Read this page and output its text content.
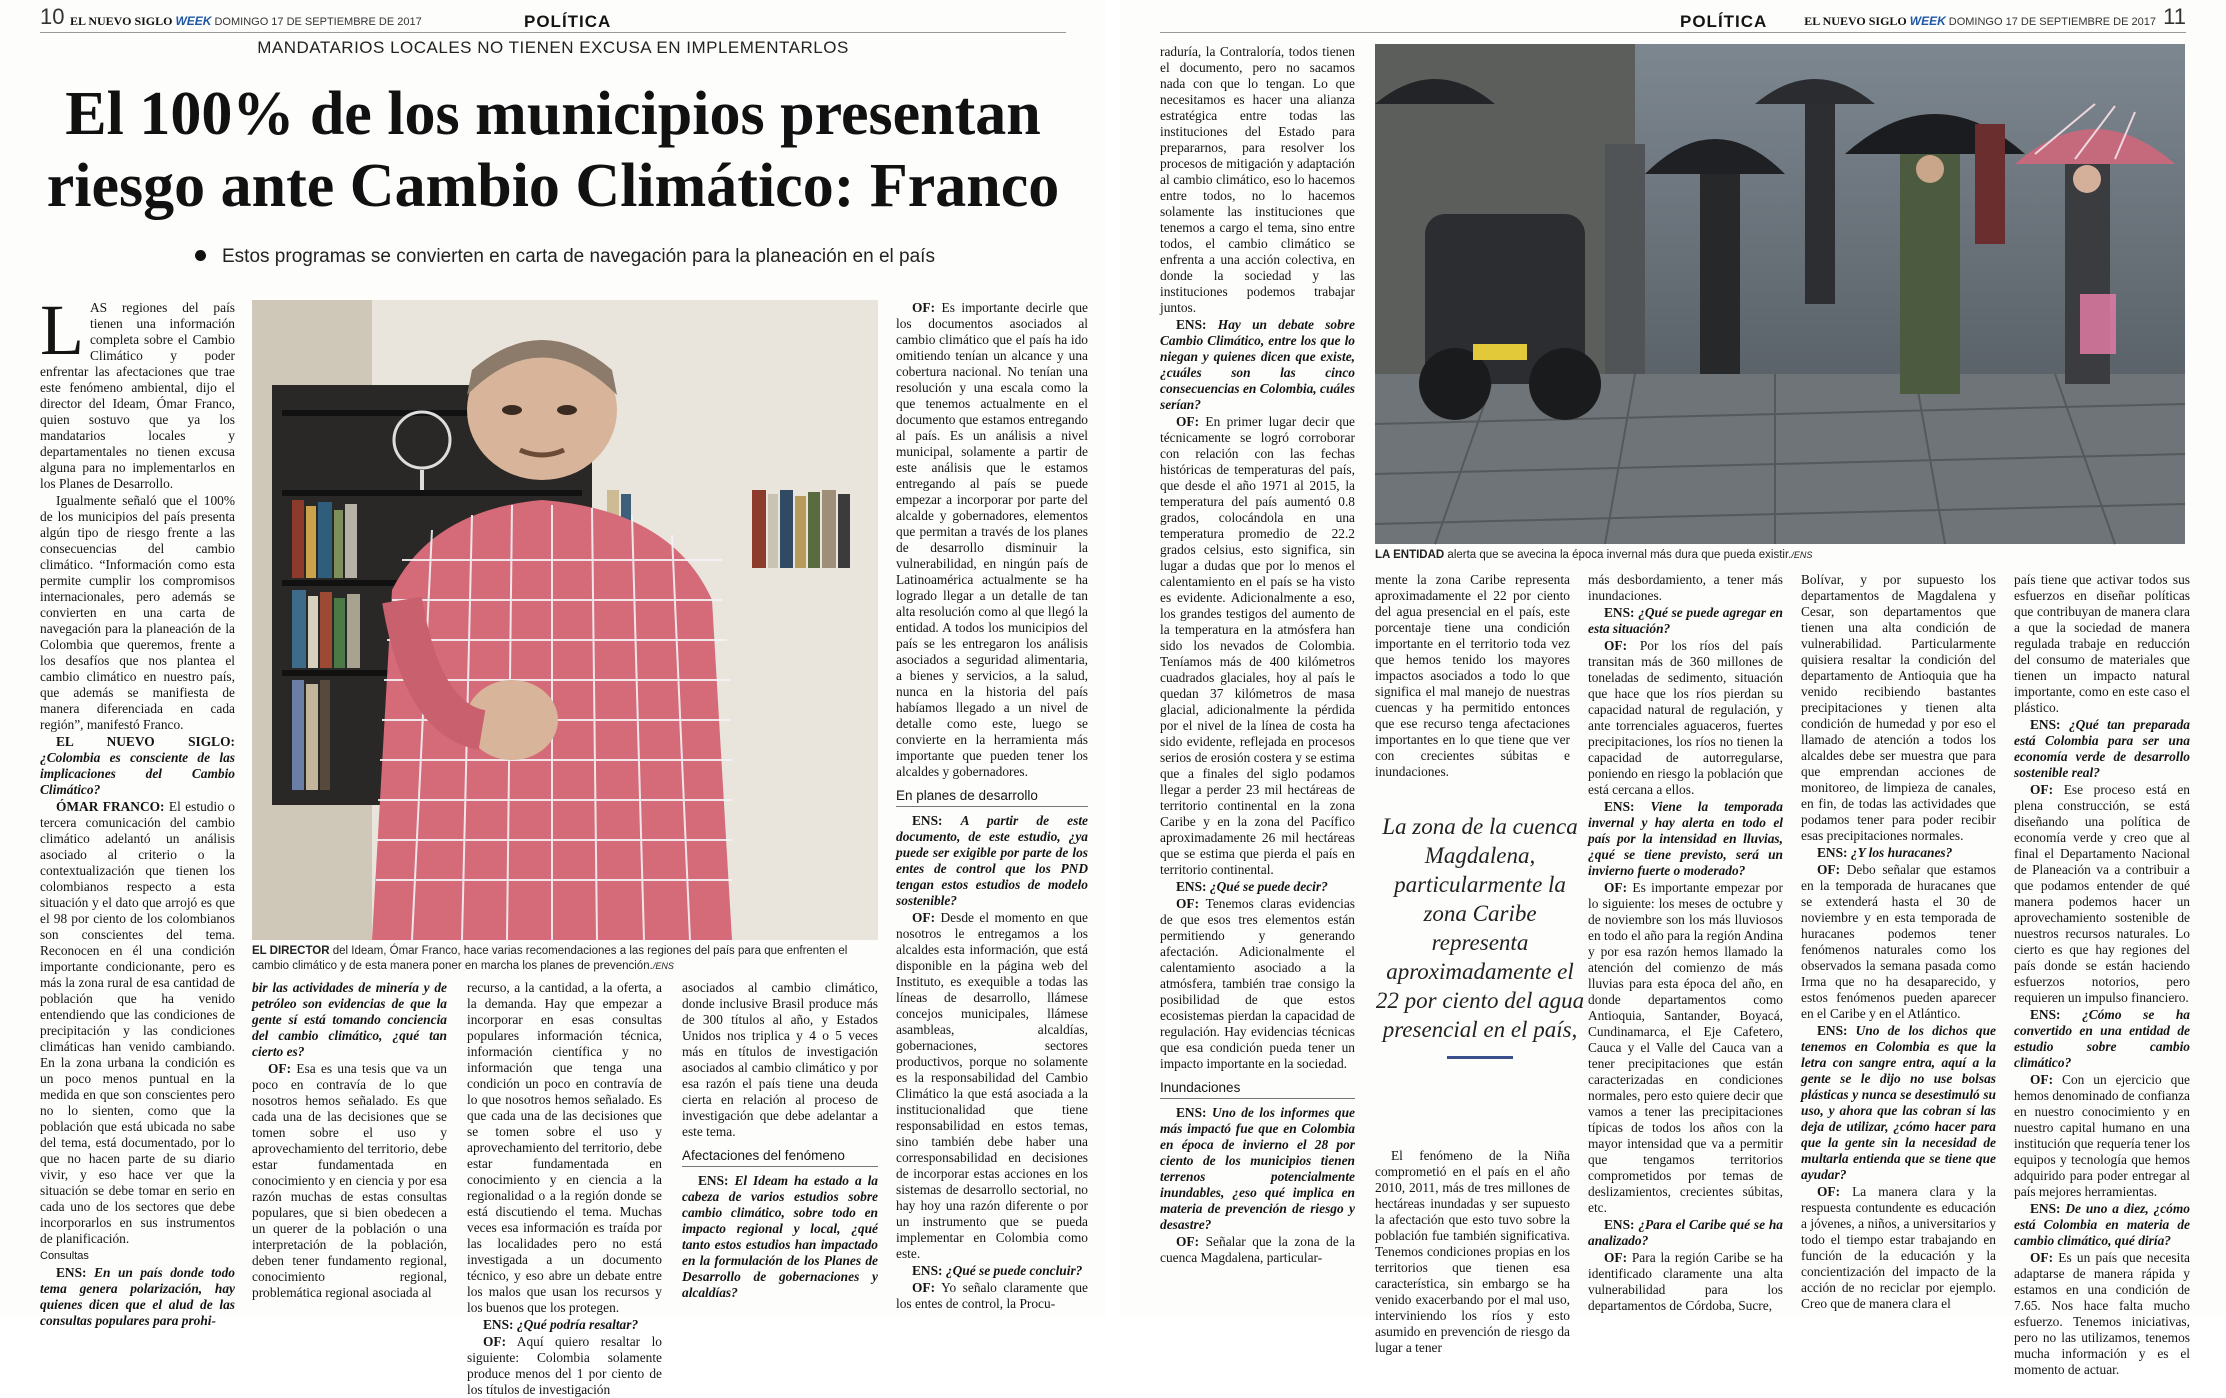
10 EL NUEVO SIGLO WEEK DOMINGO 17 DE SEPTIEMBRE DE 2017	POLÍTICA
MANDATARIOS LOCALES NO TIENEN EXCUSA EN IMPLEMENTARLOS
El 100% de los municipios presentan
riesgo ante Cambio Climático: Franco
Estos programas se convierten en carta de navegación para la planeación en el país

LAS regiones del país tienen una información completa sobre el Cambio Climático y poder enfrentar las afectaciones que trae este fenómeno ambiental, dijo el director del Ideam, Ómar Franco, quien sostuvo que ya los mandatarios locales y departamentales no tienen excusa alguna para no implementarlos en los Planes de Desarrollo.

Igualmente señaló que el 100% de los municipios del país presenta algún tipo de riesgo frente a las consecuencias del cambio climático. “Información como esta permite cumplir los compromisos internacionales, pero además se convierten en una carta de navegación para la planeación de la Colombia que queremos, frente a los desafíos que nos plantea el cambio climático en nuestro país, que además se manifiesta de manera diferenciada en cada región”, manifestó Franco.

EL NUEVO SIGLO: ¿Colombia es consciente de las implicaciones del Cambio Climático?

ÓMAR FRANCO: El estudio o tercera comunicación del cambio climático adelantó un análisis asociado al criterio o la contextualización que tienen los colombianos respecto a esta situación y el dato que arrojó es que el 98 por ciento de los colombianos son conscientes del tema. Reconocen en él una condición importante condicionante, pero es más la zona rural de esa cantidad de población que ha venido entendiendo que las condiciones de precipitación y las condiciones climáticas han venido cambiando. En la zona urbana la condición es un poco menos puntual en la medida en que son conscientes pero no lo sienten, como que la población que está ubicada no sabe del tema, está documentado, por lo que no hacen parte de su diario vivir, y eso hace ver que la situación se debe tomar en serio en cada uno de los sectores que debe incorporarlos en sus instrumentos de planificación.

Consultas

ENS: En un país donde todo tema genera polarización, hay quienes dicen que el alud de las consultas populares para prohi-

EL DIRECTOR del Ideam, Ómar Franco, hace varias recomendaciones a las regiones del país para que enfrenten el cambio climático y de esta manera poner en marcha los planes de prevención./ENS

bir las actividades de minería y de petróleo son evidencias de que la gente sí está tomando conciencia del cambio climático, ¿qué tan cierto es?

OF: Esa es una tesis que va un poco en contravía de lo que nosotros hemos señalado. Es que cada una de las decisiones que se tomen sobre el uso y aprovechamiento del territorio, debe estar fundamentada en conocimiento y en ciencia y por esa razón muchas de estas consultas populares, que si bien obedecen a un querer de la población o una interpretación de la población, deben tener fundamento regional, conocimiento regional, problemática regional asociada al

recurso, a la cantidad, a la oferta, a la demanda. Hay que empezar a incorporar en esas consultas populares información técnica, información científica y no información que tenga una condición un poco en contravía de lo que nosotros hemos señalado. Es que cada una de las decisiones que se tomen sobre el uso y aprovechamiento del territorio, debe estar fundamentada en conocimiento y en ciencia a la regionalidad o a la región donde se está discutiendo el tema. Muchas veces esa información es traída por las localidades pero no está investigada a un documento técnico, y eso abre un debate entre los malos que usan los recursos y los buenos que los protegen.

ENS: ¿Qué podría resaltar?

OF: Aquí quiero resaltar lo siguiente: Colombia solamente produce menos del 1 por ciento de los títulos de investigación

asociados al cambio climático, donde inclusive Brasil produce más de 300 títulos al año, y Estados Unidos nos triplica y 4 o 5 veces más en títulos de investigación asociados al cambio climático y por esa razón el país tiene una deuda cierta en relación al proceso de investigación que debe adelantar a este tema.

Afectaciones del fenómeno

ENS: El Ideam ha estado a la cabeza de varios estudios sobre cambio climático, sobre todo en impacto regional y local, ¿qué tanto estos estudios han impactado en la formulación de los Planes de Desarrollo de gobernaciones y alcaldías?

OF: Es importante decirle que los documentos asociados al cambio climático que el país ha ido omitiendo tenían un alcance y una cobertura nacional. No tenían una resolución y una escala como la que tenemos actualmente en el documento que estamos entregando al país. Es un análisis a nivel municipal, solamente a partir de este análisis que le estamos entregando al país se puede empezar a incorporar por parte del alcalde y gobernadores, elementos que permitan a través de los planes de desarrollo disminuir la vulnerabilidad, en ningún país de Latinoamérica actualmente se ha logrado llegar a un detalle de tan alta resolución como al que llegó la entidad. A todos los municipios del país se les entregaron los análisis asociados a seguridad alimentaria, a bienes y servicios, a la salud, nunca en la historia del país habíamos llegado a un nivel de detalle como este, luego se convierte en la herramienta más importante que pueden tener los alcaldes y gobernadores.

En planes de desarrollo

ENS: A partir de este documento, de este estudio, ¿ya puede ser exigible por parte de los entes de control que los PND tengan estos estudios de modelo sostenible?

OF: Desde el momento en que nosotros le entregamos a los alcaldes esta información, que está disponible en la página web del Instituto, es exequible a todas las líneas de desarrollo, llámese concejos municipales, llámese asambleas, alcaldías, gobernaciones, sectores productivos, porque no solamente es la responsabilidad del Cambio Climático la que está asociada a la institucionalidad que tiene responsabilidad en estos temas, sino también debe haber una corresponsabilidad en decisiones de incorporar estas acciones en los sistemas de desarrollo sectorial, no hay hoy una razón diferente o por un instrumento que se pueda implementar en Colombia como este.

ENS: ¿Qué se puede concluir?

OF: Yo señalo claramente que los entes de control, la Procu-

POLÍTICA	EL NUEVO SIGLO WEEK DOMINGO 17 DE SEPTIEMBRE DE 2017 11

raduría, la Contraloría, todos tienen el documento, pero no sacamos nada con que lo tengan. Lo que necesitamos es hacer una alianza estratégica entre todas las instituciones del Estado para prepararnos, para resolver los procesos de mitigación y adaptación al cambio climático, eso lo hacemos entre todos, no lo hacemos solamente las instituciones que tenemos a cargo el tema, sino entre todos, el cambio climático se enfrenta a una acción colectiva, en donde la sociedad y las instituciones podemos trabajar juntos.

ENS: Hay un debate sobre Cambio Climático, entre los que lo niegan y quienes dicen que existe, ¿cuáles son las cinco consecuencias en Colombia, cuáles serían?

OF: En primer lugar decir que técnicamente se logró corroborar con relación con las fechas históricas de temperaturas del país, que desde el año 1971 al 2015, la temperatura del país aumentó 0.8 grados, colocándola en una temperatura promedio de 22.2 grados celsius, esto significa, sin lugar a dudas que por lo menos el calentamiento en el país se ha visto es evidente. Adicionalmente a eso, los grandes testigos del aumento de la temperatura en la atmósfera han sido los nevados de Colombia. Teníamos más de 400 kilómetros cuadrados glaciales, hoy al país le quedan 37 kilómetros de masa glacial, adicionalmente la pérdida por el nivel de la línea de costa ha sido evidente, reflejada en procesos serios de erosión costera y se estima que a finales del siglo podamos llegar a perder 23 mil hectáreas de territorio continental en la zona Caribe y en la zona del Pacífico aproximadamente 26 mil hectáreas que se estima que pierda el país en territorio continental.

ENS: ¿Qué se puede decir?

OF: Tenemos claras evidencias de que esos tres elementos están permitiendo y generando afectación. Adicionalmente el calentamiento asociado a la atmósfera, también trae consigo la posibilidad de que estos ecosistemas pierdan la capacidad de regulación. Hay evidencias técnicas que esa condición pueda tener un impacto importante en la sociedad.

Inundaciones

ENS: Uno de los informes que más impactó fue que en Colombia en época de invierno el 28 por ciento de los municipios tienen terrenos potencialmente inundables, ¿eso qué implica en materia de prevención de riesgo y desastre?

OF: Señalar que la zona de la cuenca Magdalena, particular-

LA ENTIDAD alerta que se avecina la época invernal más dura que pueda existir./ENS

mente la zona Caribe representa aproximadamente el 22 por ciento del agua presencial en el país, este porcentaje tiene una condición importante en el territorio toda vez que hemos tenido los mayores impactos asociados a todo lo que significa el mal manejo de nuestras cuencas y ha permitido entonces que ese recurso tenga afectaciones importantes en lo que tiene que ver con crecientes súbitas e inundaciones.

La zona de la cuenca Magdalena, particularmente la zona Caribe representa aproximadamente el 22 por ciento del agua presencial en el país,

El fenómeno de la Niña comprometió en el país en el año 2010, 2011, más de tres millones de hectáreas inundadas y ser supuesto la afectación que esto tuvo sobre la población fue también significativa. Tenemos condiciones propias en los territorios que tienen esa característica, sin embargo se ha venido exacerbando por el mal uso, interviniendo los ríos y esto asumido en prevención de riesgo da lugar a tener

más desbordamiento, a tener más inundaciones.

ENS: ¿Qué se puede agregar en esta situación?

OF: Por los ríos del país transitan más de 360 millones de toneladas de sedimento, situación que hace que los ríos pierdan su capacidad natural de regulación, y ante torrenciales aguaceros, fuertes precipitaciones, los ríos no tienen la capacidad de autorregularse, poniendo en riesgo la población que está cercana a ellos.

ENS: Viene la temporada invernal y hay alerta en todo el país por la intensidad en lluvias, ¿qué se tiene previsto, será un invierno fuerte o moderado?

OF: Es importante empezar por lo siguiente: los meses de octubre y de noviembre son los más lluviosos en todo el año para la región Andina y por esa razón hemos llamado la atención del comienzo de más lluvias para esta época del año, en donde departamentos como Antioquia, Santander, Boyacá, Cundinamarca, el Eje Cafetero, Cauca y el Valle del Cauca van a tener precipitaciones que están caracterizadas en condiciones normales, pero esto quiere decir que vamos a tener las precipitaciones típicas de todos los años con la mayor intensidad que va a permitir que tengamos territorios comprometidos por temas de deslizamientos, crecientes súbitas, etc.

ENS: ¿Para el Caribe qué se ha analizado?

OF: Para la región Caribe se ha identificado claramente una alta vulnerabilidad para los departamentos de Córdoba, Sucre,

Bolívar, y por supuesto los departamentos de Magdalena y Cesar, son departamentos que tienen una alta condición de vulnerabilidad. Particularmente quisiera resaltar la condición del departamento de Antioquia que ha venido recibiendo bastantes precipitaciones y tienen alta condición de humedad y por eso el llamado de atención a todos los alcaldes debe ser muestra que para que emprendan acciones de monitoreo, de limpieza de canales, en fin, de todas las actividades que podamos tener para poder recibir esas precipitaciones normales.

ENS: ¿Y los huracanes?

OF: Debo señalar que estamos en la temporada de huracanes que se extenderá hasta el 30 de noviembre y en esta temporada de huracanes podemos tener fenómenos naturales como los observados la semana pasada como Irma que no ha desaparecido, y estos fenómenos pueden aparecer en el Caribe y en el Atlántico.

ENS: Uno de los dichos que tenemos en Colombia es que la letra con sangre entra, aquí a la gente se le dijo no use bolsas plásticas y nunca se desestimuló su uso, y ahora que las cobran sí las deja de utilizar, ¿cómo hacer para que la gente sin la necesidad de multarla entienda que se tiene que ayudar?

OF: La manera clara y la respuesta contundente es educación a jóvenes, a niños, a universitarios y todo el tiempo estar trabajando en función de la educación y la concientización del impacto de la acción de no reciclar por ejemplo. Creo que de manera clara el

país tiene que activar todos sus esfuerzos en diseñar políticas que contribuyan de manera clara a que la sociedad de manera regulada trabaje en reducción del consumo de materiales que tienen un impacto natural importante, como en este caso el plástico.

ENS: ¿Qué tan preparada está Colombia para ser una economía verde de desarrollo sostenible real?

OF: Ese proceso está en plena construcción, se está diseñando una política de economía verde y creo que al final el Departamento Nacional de Planeación va a contribuir a que podamos entender de qué manera podemos hacer un aprovechamiento sostenible de nuestros recursos naturales. Lo cierto es que hay regiones del país donde se están haciendo esfuerzos notorios, pero requieren un impulso financiero.

ENS: ¿Cómo se ha convertido en una entidad de estudio sobre cambio climático?

OF: Con un ejercicio que hemos denominado de confianza en nuestro conocimiento y en nuestro capital humano en una institución que requería tener los equipos y tecnología que hemos adquirido para poder entregar al país mejores herramientas.

ENS: De uno a diez, ¿cómo está Colombia en materia de cambio climático, qué diría?

OF: Es un país que necesita adaptarse de manera rápida y estamos en una condición de 7.65. Nos hace falta mucho esfuerzo. Tenemos iniciativas, pero no las utilizamos, tenemos mucha información y es el momento de actuar.
